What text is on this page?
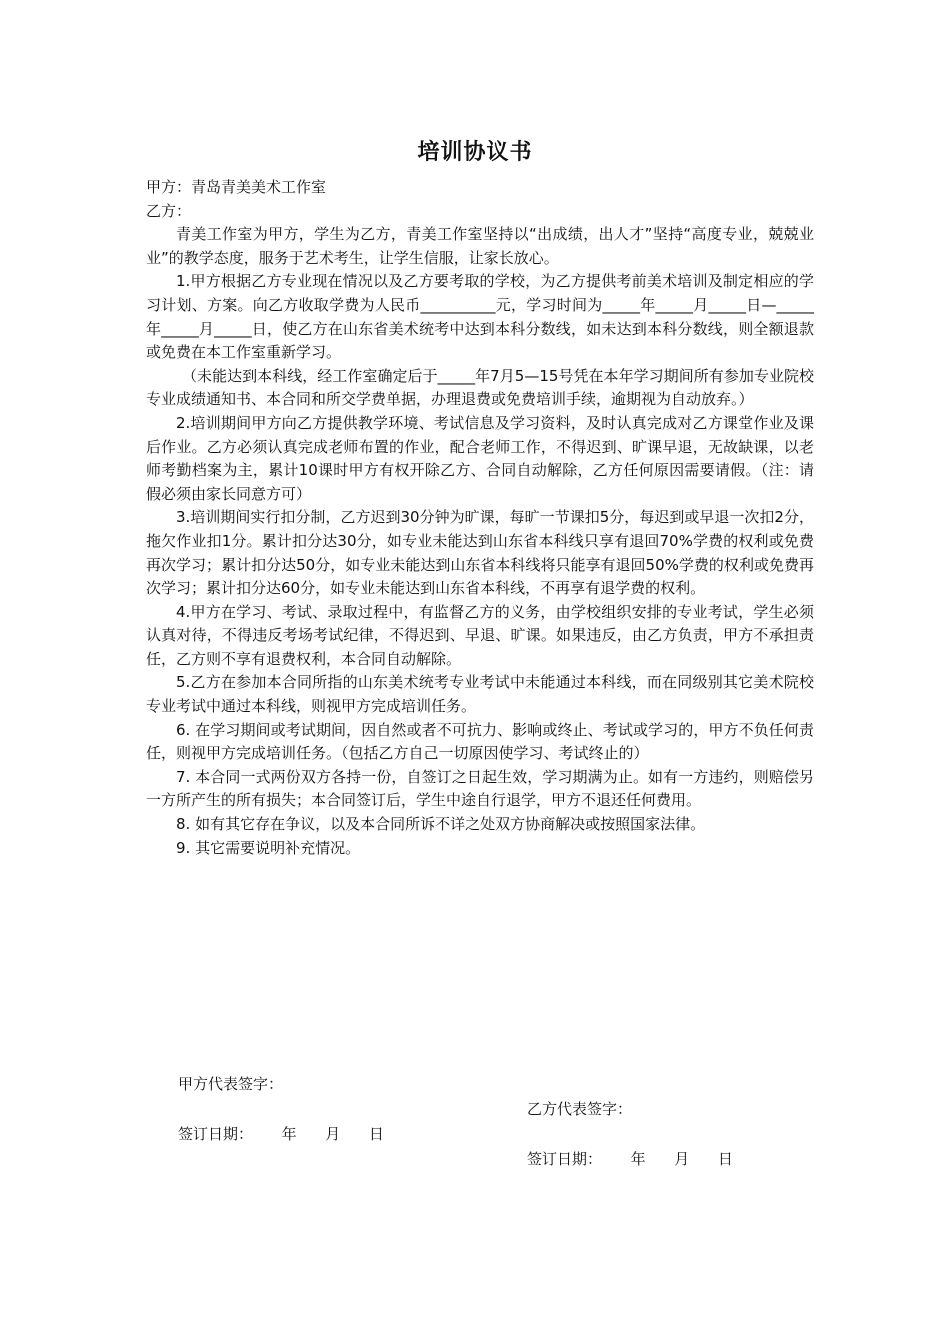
培训协议书

甲方：青岛青美美术工作室

乙方：

青美工作室为甲方，学生为乙方，青美工作室坚持以“出成绩，出人才”坚持“高度专业，兢兢业业”的教学态度，服务于艺术考生，让学生信服，让家长放心。

1.甲方根据乙方专业现在情况以及乙方要考取的学校，为乙方提供考前美术培训及制定相应的学习计划、方案。向乙方收取学费为人民币__________元，学习时间为_____年_____月_____日—_____年_____月_____日，使乙方在山东省美术统考中达到本科分数线，如未达到本科分数线，则全额退款或免费在本工作室重新学习。

（未能达到本科线，经工作室确定后于_____年7月5—15号凭在本年学习期间所有参加专业院校专业成绩通知书、本合同和所交学费单据，办理退费或免费培训手续，逾期视为自动放弃。）

2.培训期间甲方向乙方提供教学环境、考试信息及学习资料，及时认真完成对乙方课堂作业及课后作业。乙方必须认真完成老师布置的作业，配合老师工作，不得迟到、旷课早退，无故缺课，以老师考勤档案为主，累计10课时甲方有权开除乙方、合同自动解除，乙方任何原因需要请假。（注：请假必须由家长同意方可）

3.培训期间实行扣分制，乙方迟到30分钟为旷课，每旷一节课扣5分，每迟到或早退一次扣2分，拖欠作业扣1分。累计扣分达30分，如专业未能达到山东省本科线只享有退回70%学费的权利或免费再次学习；累计扣分达50分，如专业未能达到山东省本科线将只能享有退回50%学费的权利或免费再次学习；累计扣分达60分，如专业未能达到山东省本科线，不再享有退学费的权利。

4.甲方在学习、考试、录取过程中，有监督乙方的义务，由学校组织安排的专业考试，学生必须认真对待，不得违反考场考试纪律，不得迟到、早退、旷课。如果违反，由乙方负责，甲方不承担责任，乙方则不享有退费权利，本合同自动解除。

5.乙方在参加本合同所指的山东美术统考专业考试中未能通过本科线，而在同级别其它美术院校专业考试中通过本科线，则视甲方完成培训任务。

6. 在学习期间或考试期间，因自然或者不可抗力、影响或终止、考试或学习的，甲方不负任何责任，则视甲方完成培训任务。（包括乙方自己一切原因使学习、考试终止的）

7. 本合同一式两份双方各持一份，自签订之日起生效，学习期满为止。如有一方违约，则赔偿另一方所产生的所有损失；本合同签订后，学生中途自行退学，甲方不退还任何费用。

8. 如有其它存在争议，以及本合同所诉不详之处双方协商解决或按照国家法律。

9. 其它需要说明补充情况。

甲方代表签字：
签订日期：      年      月      日
乙方代表签字：
签订日期：      年      月      日
